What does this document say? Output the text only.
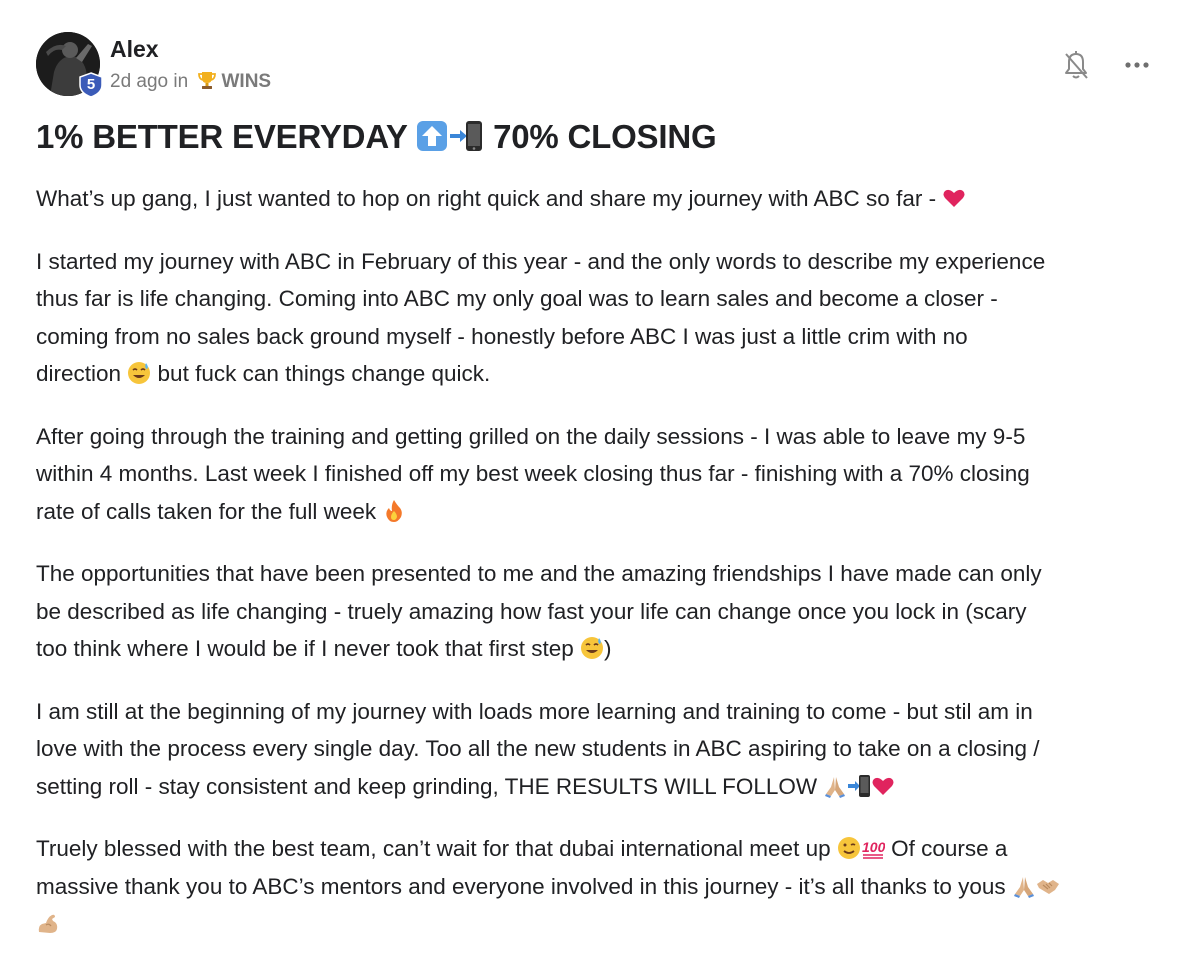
5
Alex
2d ago in WINS
1% BETTER EVERYDAY	70% CLOSING

What’s up gang, I just wanted to hop on right quick and share my journey with ABC so far -

I started my journey with ABC in February of this year - and the only words to describe my experience
thus far is life changing. Coming into ABC my only goal was to learn sales and become a closer -
coming from no sales back ground myself - honestly before ABC I was just a little crim with no
direction  but fuck can things change quick.

After going through the training and getting grilled on the daily sessions - I was able to leave my 9-5
within 4 months. Last week I finished off my best week closing thus far - finishing with a 70% closing
rate of calls taken for the full week

The opportunities that have been presented to me and the amazing friendships I have made can only
be described as life changing - truely amazing how fast your life can change once you lock in (scary
too think where I would be if I never took that first step )

I am still at the beginning of my journey with loads more learning and training to come - but stil am in
love with the process every single day. Too all the new students in ABC aspiring to take on a closing /
setting roll - stay consistent and keep grinding, THE RESULTS WILL FOLLOW

Truely blessed with the best team, can’t wait for that dubai international meet up 100 Of course a
massive thank you to ABC’s mentors and everyone involved in this journey - it’s all thanks to yous
